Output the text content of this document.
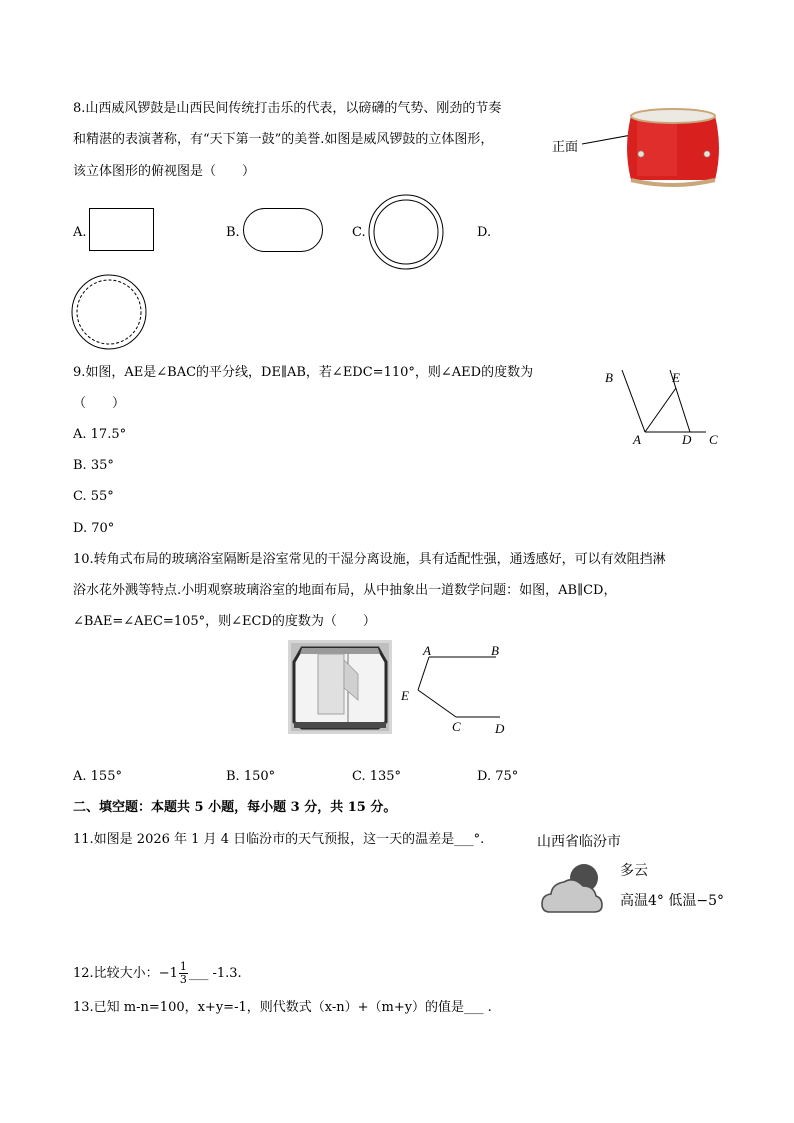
8.山西威风锣鼓是山西民间传统打击乐的代表，以磅礴的气势、刚劲的节奏
和精湛的表演著称，有“天下第一鼓”的美誉.如图是威风锣鼓的立体图形，
该立体图形的俯视图是（　　）
正面
A.	B.	C.	D.
9.如图，AE是∠BAC的平分线，DE∥AB，若∠EDC=110°，则∠AED的度数为
（　　）
A. 17.5°
B. 35°
C. 55°
D. 70°
B	E
A	D C
10.转角式布局的玻璃浴室隔断是浴室常见的干湿分离设施，具有适配性强，通透感好，可以有效阻挡淋
浴水花外溅等特点.小明观察玻璃浴室的地面布局，从中抽象出一道数学问题：如图，AB∥CD，
∠BAE=∠AEC=105°，则∠ECD的度数为（　　）
A	B
E
C	D
A. 155°	B. 150°	C. 135°	D. 75°
二、填空题：本题共 5 小题，每小题 3 分，共 15 分。
11.如图是 2026 年 1 月 4 日临汾市的天气预报，这一天的温差是___°.	山西省临汾市
多云
高温4° 低温−5°
12.比较大小：$-1 \frac{1}{3}$ ___ -1.3.
13.已知 m-n=100，x+y=-1，则代数式（x-n）+（m+y）的值是___ .
